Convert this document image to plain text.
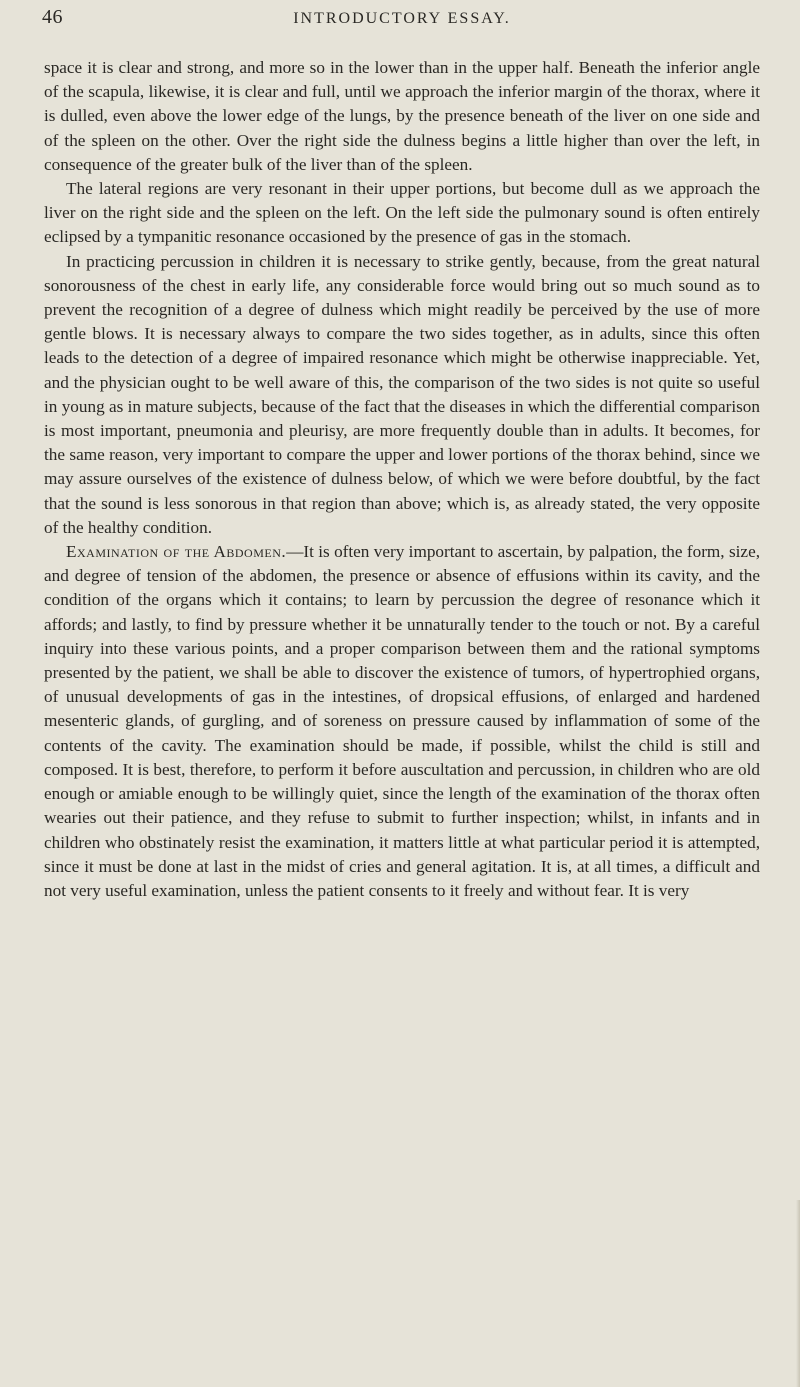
46	INTRODUCTORY ESSAY.

space it is clear and strong, and more so in the lower than in the upper half. Beneath the inferior angle of the scapula, likewise, it is clear and full, until we approach the inferior margin of the thorax, where it is dulled, even above the lower edge of the lungs, by the presence beneath of the liver on one side and of the spleen on the other. Over the right side the dulness begins a little higher than over the left, in consequence of the greater bulk of the liver than of the spleen.

The lateral regions are very resonant in their upper portions, but become dull as we approach the liver on the right side and the spleen on the left. On the left side the pulmonary sound is often entirely eclipsed by a tympanitic resonance occasioned by the presence of gas in the stomach.

In practicing percussion in children it is necessary to strike gently, because, from the great natural sonorousness of the chest in early life, any considerable force would bring out so much sound as to prevent the recognition of a degree of dulness which might readily be perceived by the use of more gentle blows. It is necessary always to compare the two sides together, as in adults, since this often leads to the detection of a degree of impaired resonance which might be otherwise inappreciable. Yet, and the physician ought to be well aware of this, the comparison of the two sides is not quite so useful in young as in mature subjects, because of the fact that the diseases in which the differential comparison is most important, pneumonia and pleurisy, are more frequently double than in adults. It becomes, for the same reason, very important to compare the upper and lower portions of the thorax behind, since we may assure ourselves of the existence of dulness below, of which we were before doubtful, by the fact that the sound is less sonorous in that region than above; which is, as already stated, the very opposite of the healthy condition.

Examination of the Abdomen.—It is often very important to ascertain, by palpation, the form, size, and degree of tension of the abdomen, the presence or absence of effusions within its cavity, and the condition of the organs which it contains; to learn by percussion the degree of resonance which it affords; and lastly, to find by pressure whether it be unnaturally tender to the touch or not. By a careful inquiry into these various points, and a proper comparison between them and the rational symptoms presented by the patient, we shall be able to discover the existence of tumors, of hypertrophied organs, of unusual developments of gas in the intestines, of dropsical effusions, of enlarged and hardened mesenteric glands, of gurgling, and of soreness on pressure caused by inflammation of some of the contents of the cavity. The examination should be made, if possible, whilst the child is still and composed. It is best, therefore, to perform it before auscultation and percussion, in children who are old enough or amiable enough to be willingly quiet, since the length of the examination of the thorax often wearies out their patience, and they refuse to submit to further inspection; whilst, in infants and in children who obstinately resist the examination, it matters little at what particular period it is attempted, since it must be done at last in the midst of cries and general agitation. It is, at all times, a difficult and not very useful examination, unless the patient consents to it freely and without fear. It is very
